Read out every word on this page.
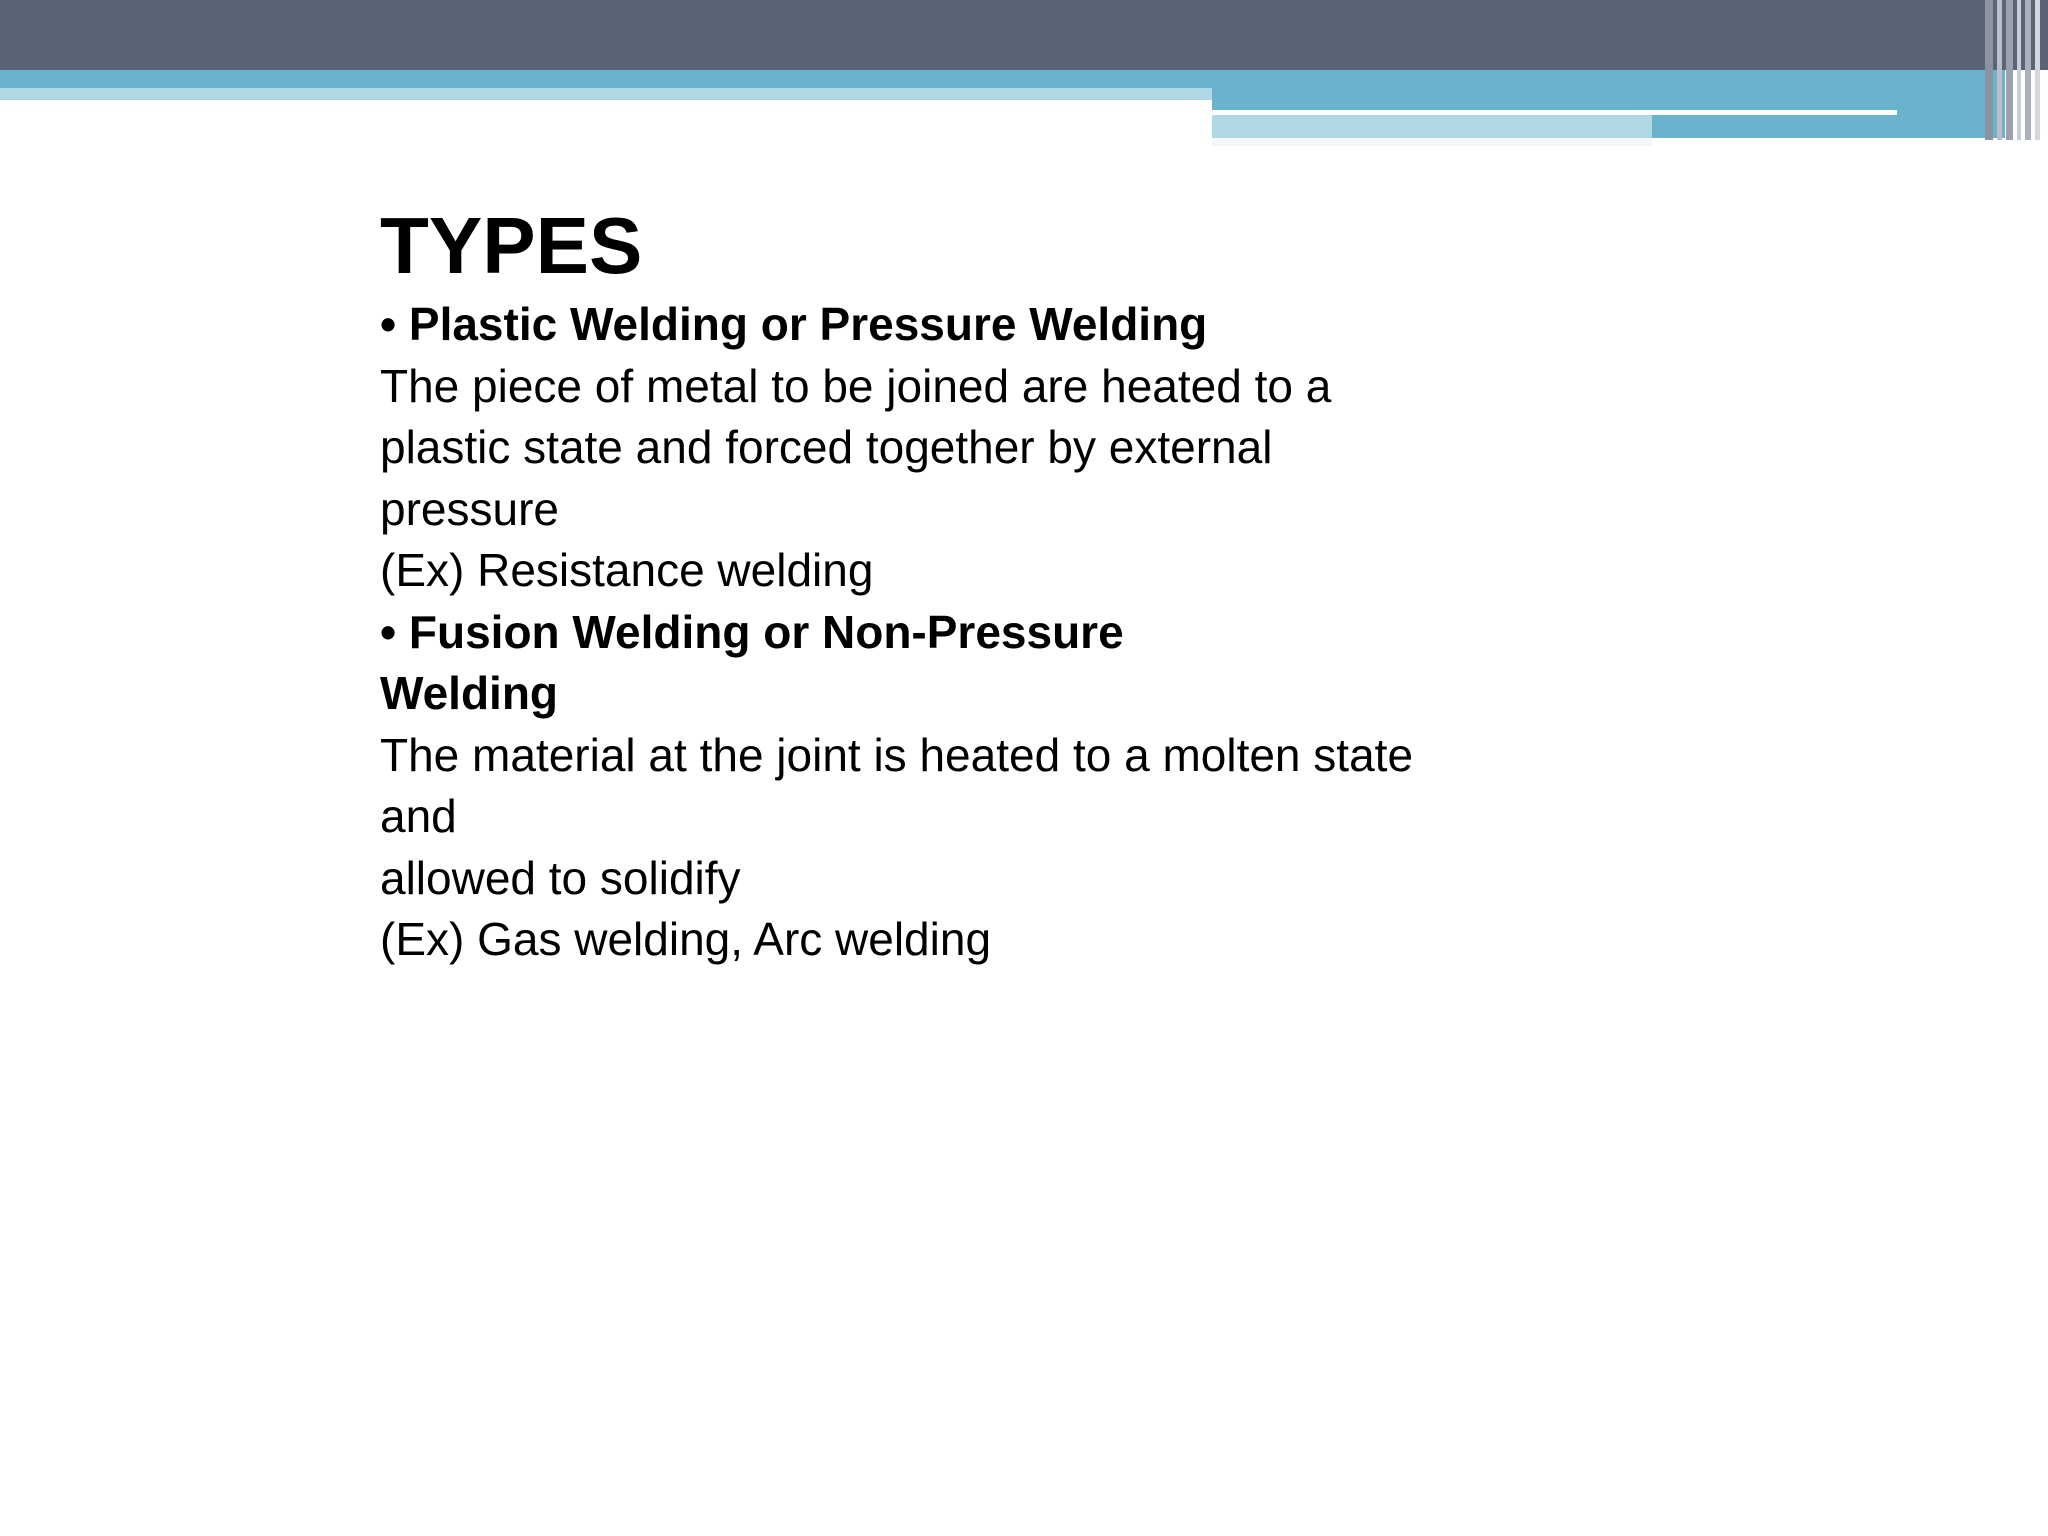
TYPES
• Plastic Welding or Pressure Welding
The piece of metal to be joined are heated to a
plastic state and forced together by external
pressure
(Ex) Resistance welding
• Fusion Welding or Non-Pressure
Welding
The material at the joint is heated to a molten state
and
allowed to solidify
(Ex) Gas welding, Arc welding
